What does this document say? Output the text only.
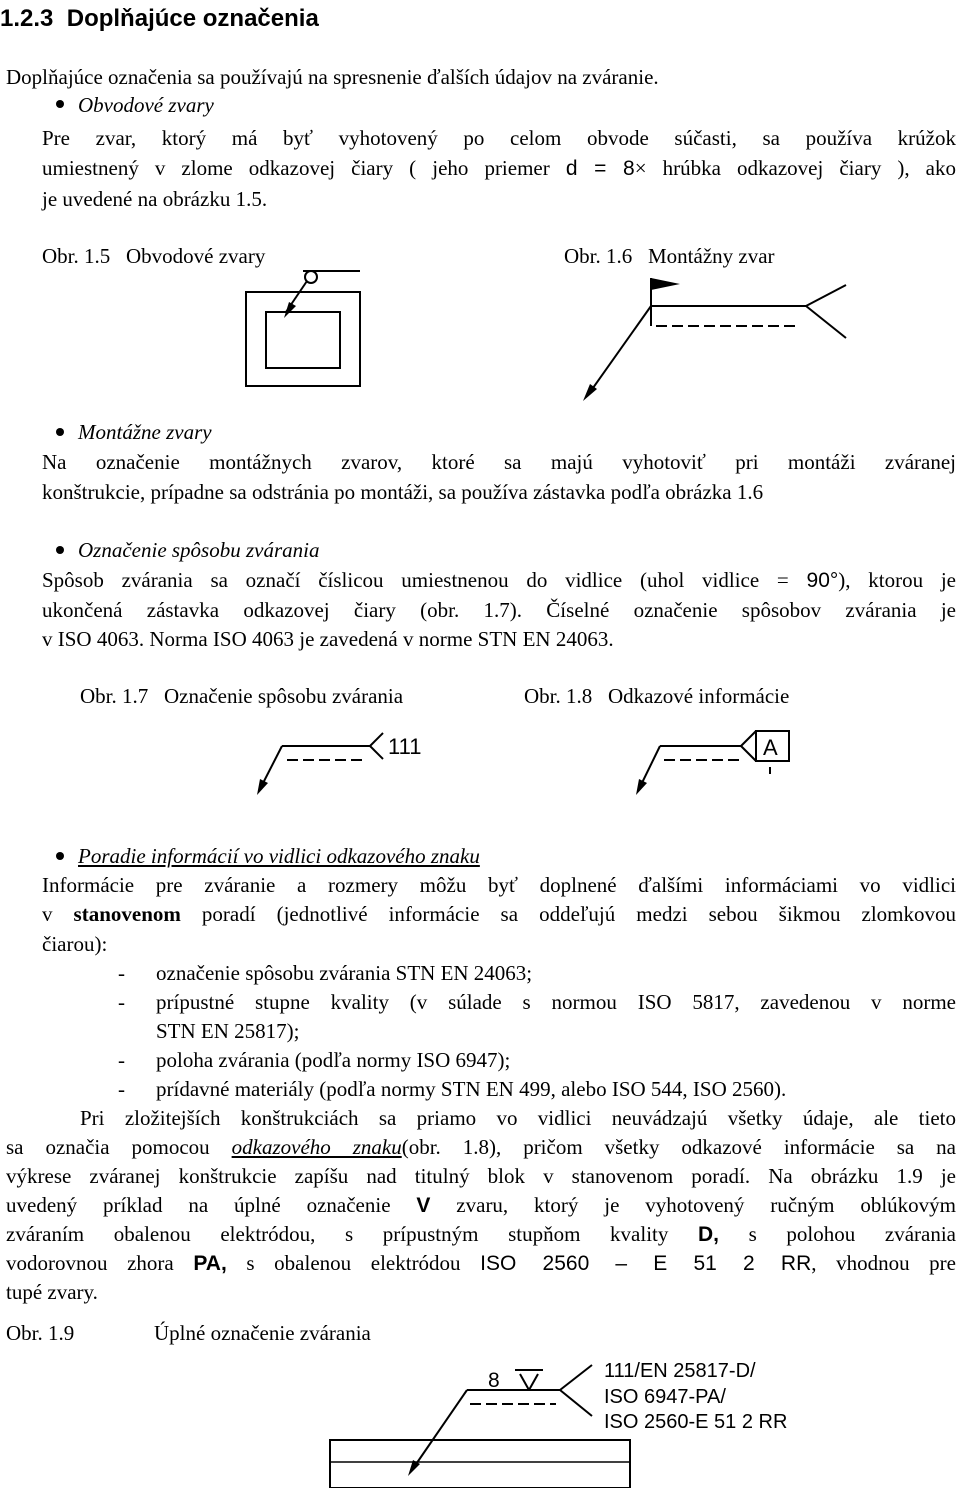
1.2.3 Doplňajúce označenia
Doplňajúce označenia sa používajú na spresnenie ďalších údajov na zváranie.
Obvodové zvary
Pre zvar, ktorý má byť vyhotovený po celom obvode súčasti, sa používa krúžok
umiestnený v zlome odkazovej čiary ( jeho priemer d = 8× hrúbka odkazovej čiary ), ako
je uvedené na obrázku 1.5.
Obr. 1.5 Obvodové zvary	Obr. 1.6 Montážny zvar
Montážne zvary
Na označenie montážnych zvarov, ktoré sa majú vyhotoviť pri montáži zváranej
konštrukcie, prípadne sa odstránia po montáži, sa používa zástavka podľa obrázka 1.6
Označenie spôsobu zvárania
Spôsob zvárania sa označí číslicou umiestnenou do vidlice (uhol vidlice = 90°), ktorou je
ukončená zástavka odkazovej čiary (obr. 1.7). Číselné označenie spôsobov zvárania je
v ISO 4063. Norma ISO 4063 je zavedená v norme STN EN 24063.
Obr. 1.7 Označenie spôsobu zvárania	Obr. 1.8 Odkazové informácie
111	A
Poradie informácií vo vidlici odkazového znaku
Informácie pre zváranie a rozmery môžu byť doplnené ďalšími informáciami vo vidlici
v stanovenom poradí (jednotlivé informácie sa oddeľujú medzi sebou šikmou zlomkovou
čiarou):
- označenie spôsobu zvárania STN EN 24063;
- prípustné stupne kvality (v súlade s normou ISO 5817, zavedenou v norme
STN EN 25817);
- poloha zvárania (podľa normy ISO 6947);
- prídavné materiály (podľa normy STN EN 499, alebo ISO 544, ISO 2560).
Pri zložitejších konštrukciách sa priamo vo vidlici neuvádzajú všetky údaje, ale tieto
sa označia pomocou odkazového znaku(obr. 1.8), pričom všetky odkazové informácie sa na
výkrese zváranej konštrukcie zapíšu nad titulný blok v stanovenom poradí. Na obrázku 1.9 je
uvedený príklad na úplné označenie V zvaru, ktorý je vyhotovený ručným oblúkovým
zváraním obalenou elektródou, s prípustným stupňom kvality D, s polohou zvárania
vodorovnou zhora PA, s obalenou elektródou ISO 2560 – E 51 2 RR, vhodnou pre
tupé zvary.
Obr. 1.9	Úplné označenie zvárania
8	111/EN 25817-D/
ISO 6947-PA/
ISO 2560-E 51 2 RR
